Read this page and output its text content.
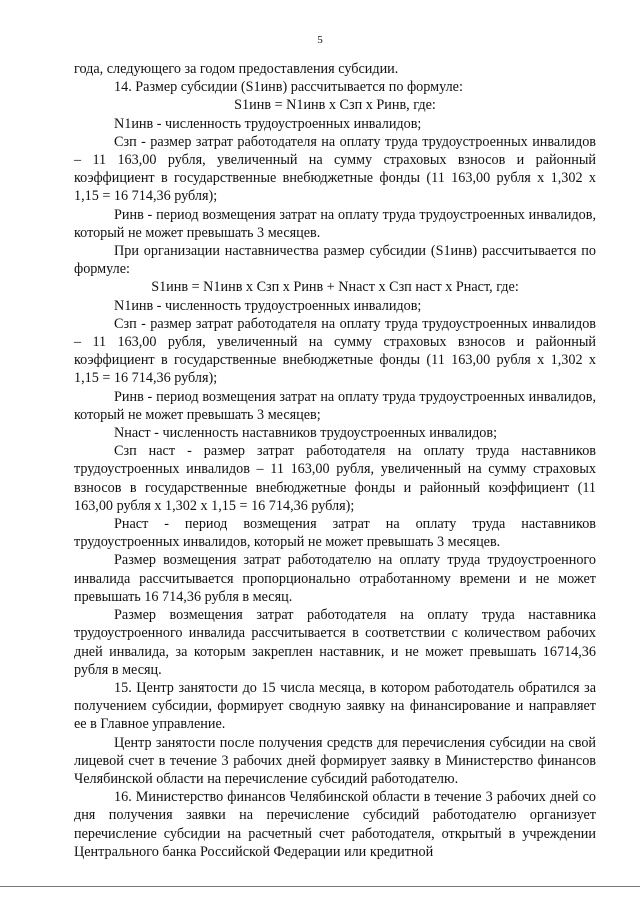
5

года, следующего за годом предоставления субсидии.

14. Размер субсидии (S1инв) рассчитывается по формуле:

S1инв = N1инв х Сзп х Ринв, где:

N1инв - численность трудоустроенных инвалидов;

Сзп - размер затрат работодателя на оплату труда трудоустроенных инвалидов – 11 163,00 рубля, увеличенный на сумму страховых взносов и районный коэффициент в государственные внебюджетные фонды (11 163,00 рубля х 1,302 х 1,15 = 16 714,36 рубля);

Ринв - период возмещения затрат на оплату труда трудоустроенных инвалидов, который не может превышать 3 месяцев.

При организации наставничества размер субсидии (S1инв) рассчитывается по формуле:

S1инв = N1инв х Сзп х Ринв + Nнаст х Сзп наст х Рнаст, где:

N1инв - численность трудоустроенных инвалидов;

Сзп - размер затрат работодателя на оплату труда трудоустроенных инвалидов – 11 163,00 рубля, увеличенный на сумму страховых взносов и районный коэффициент в государственные внебюджетные фонды (11 163,00 рубля х 1,302 х 1,15 = 16 714,36 рубля);

Ринв - период возмещения затрат на оплату труда трудоустроенных инвалидов, который не может превышать 3 месяцев;

Nнаст - численность наставников трудоустроенных инвалидов;

Сзп наст - размер затрат работодателя на оплату труда наставников трудоустроенных инвалидов – 11 163,00 рубля, увеличенный на сумму страховых взносов в государственные внебюджетные фонды и районный коэффициент (11 163,00 рубля х 1,302 х 1,15 = 16 714,36 рубля);

Рнаст - период возмещения затрат на оплату труда наставников трудоустроенных инвалидов, который не может превышать 3 месяцев.

Размер возмещения затрат работодателю на оплату труда трудоустроенного инвалида рассчитывается пропорционально отработанному времени и не может превышать 16 714,36 рубля в месяц.

Размер возмещения затрат работодателя на оплату труда наставника трудоустроенного инвалида рассчитывается в соответствии с количеством рабочих дней инвалида, за которым закреплен наставник, и не может превышать 16714,36 рубля в месяц.

15. Центр занятости до 15 числа месяца, в котором работодатель обратился за получением субсидии, формирует сводную заявку на финансирование и направляет ее в Главное управление.

Центр занятости после получения средств для перечисления субсидии на свой лицевой счет в течение 3 рабочих дней формирует заявку в Министерство финансов Челябинской области на перечисление субсидий работодателю.

16. Министерство финансов Челябинской области в течение 3 рабочих дней со дня получения заявки на перечисление субсидий работодателю организует перечисление субсидии на расчетный счет работодателя, открытый в учреждении Центрального банка Российской Федерации или кредитной
